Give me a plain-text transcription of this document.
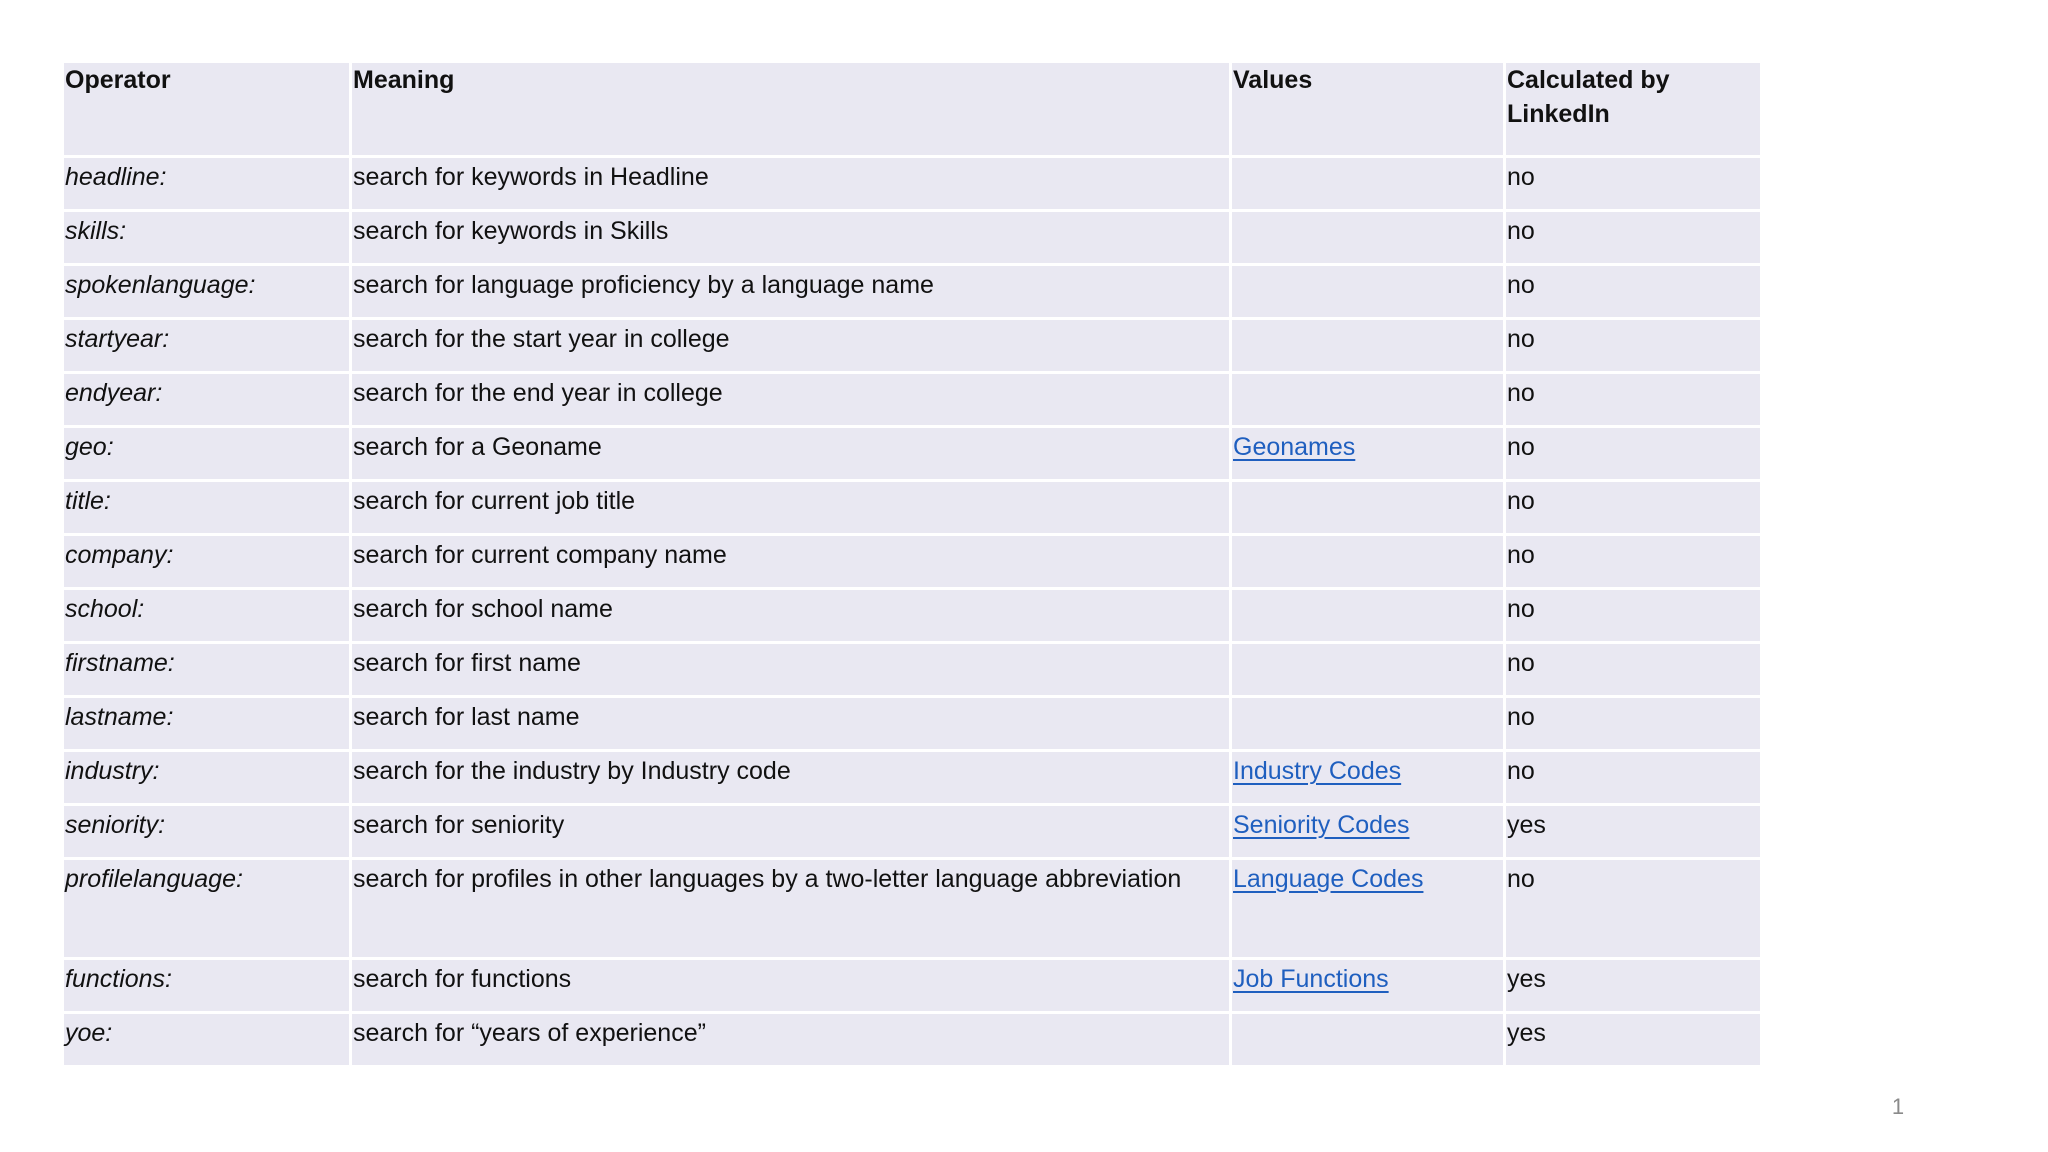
Operator	Meaning	Values	Calculated by LinkedIn
headline:	search for keywords in Headline		no
skills:	search for keywords in Skills		no
spokenlanguage:	search for language proficiency by a language name		no
startyear:	search for the start year in college		no
endyear:	search for the end year in college		no
geo:	search for a Geoname	Geonames	no
title:	search for current job title		no
company:	search for current company name		no
school:	search for school name		no
firstname:	search for first name		no
lastname:	search for last name		no
industry:	search for the industry by Industry code	Industry Codes	no
seniority:	search for seniority	Seniority Codes	yes
profilelanguage:	search for profiles in other languages by a two-letter language abbreviation	Language Codes	no
functions:	search for functions	Job Functions	yes
yoe:	search for “years of experience”		yes
1
